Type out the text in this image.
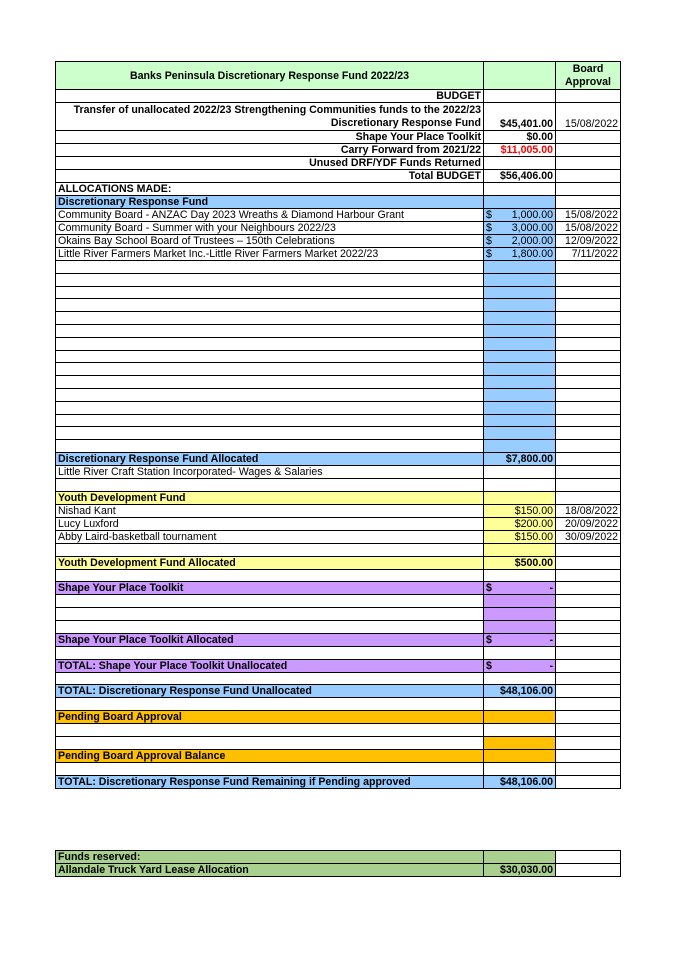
Banks Peninsula Discretionary Response Fund 2022/23		Board Approval
BUDGET		

Transfer of unallocated 2022/23 Strengthening Communities funds to the 2022/23
Discretionary Response Fund	$45,401.00	15/08/2022
Shape Your Place Toolkit	$0.00	
Carry Forward from 2021/22	$11,005.00	
Unused DRF/YDF Funds Returned		
Total BUDGET	$56,406.00	
ALLOCATIONS MADE:		
Discretionary Response Fund		
Community Board - ANZAC Day 2023 Wreaths & Diamond Harbour Grant	$ 1,000.00	15/08/2022
Community Board - Summer with your Neighbours 2022/23	$ 3,000.00	15/08/2022
Okains Bay School Board of Trustees – 150th Celebrations	$ 2,000.00	12/09/2022
Little River Farmers Market Inc.-Little River Farmers Market 2022/23	$ 1,800.00	7/11/2022

Discretionary Response Fund Allocated	$7,800.00	
Little River Craft Station Incorporated- Wages & Salaries		

Youth Development Fund		
Nishad Kant	$150.00	18/08/2022
Lucy Luxford	$200.00	20/09/2022
Abby Laird-basketball tournament	$150.00	30/09/2022

Youth Development Fund Allocated	$500.00	

Shape Your Place Toolkit	$ -	

Shape Your Place Toolkit Allocated	$ -	

TOTAL: Shape Your Place Toolkit Unallocated	$ -	

TOTAL: Discretionary Response Fund Unallocated	$48,106.00	

Pending Board Approval		

Pending Board Approval Balance		

TOTAL: Discretionary Response Fund Remaining if Pending approved	$48,106.00	
Funds reserved:		
Allandale Truck Yard Lease Allocation	$30,030.00	
